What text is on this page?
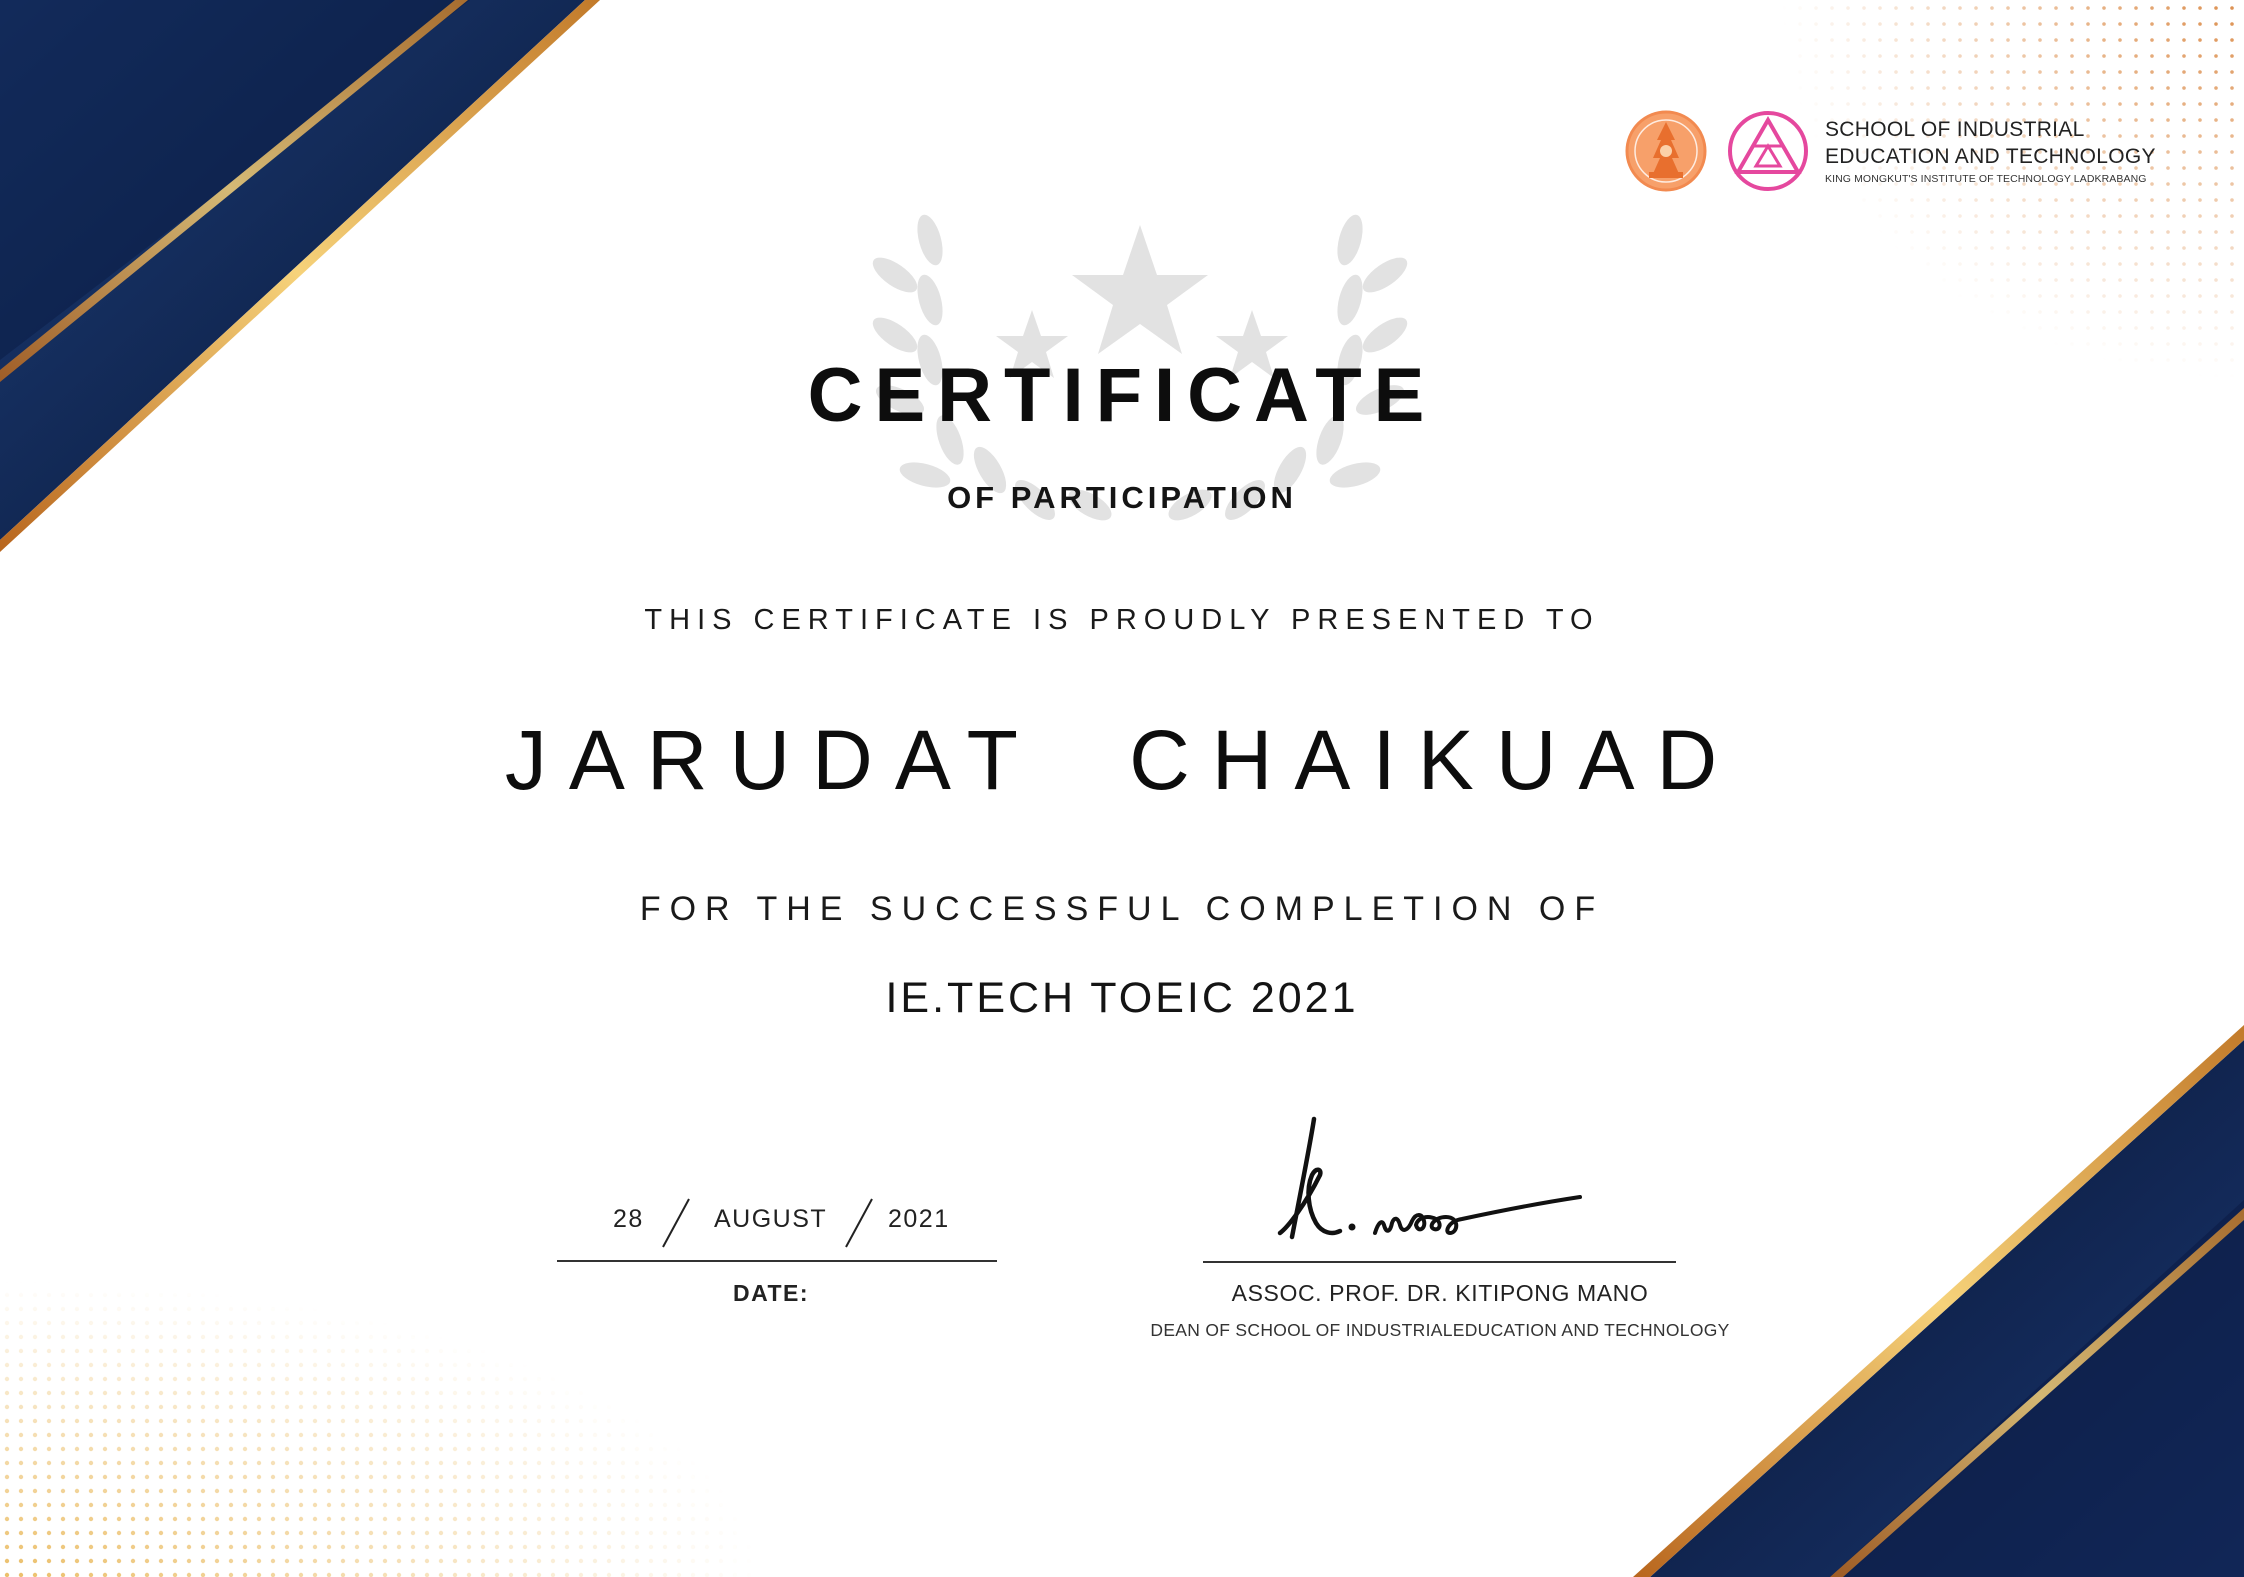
SCHOOL OF INDUSTRIAL
EDUCATION AND TECHNOLOGY
KING MONGKUT'S INSTITUTE OF TECHNOLOGY LADKRABANG
CERTIFICATE
OF PARTICIPATION
THIS CERTIFICATE IS PROUDLY PRESENTED TO
JARUDAT  CHAIKUAD
FOR THE SUCCESSFUL COMPLETION OF
IE.TECH TOEIC 2021
28	AUGUST 2021
DATE:	ASSOC. PROF. DR. KITIPONG MANO
DEAN OF SCHOOL OF INDUSTRIALEDUCATION AND TECHNOLOGY
